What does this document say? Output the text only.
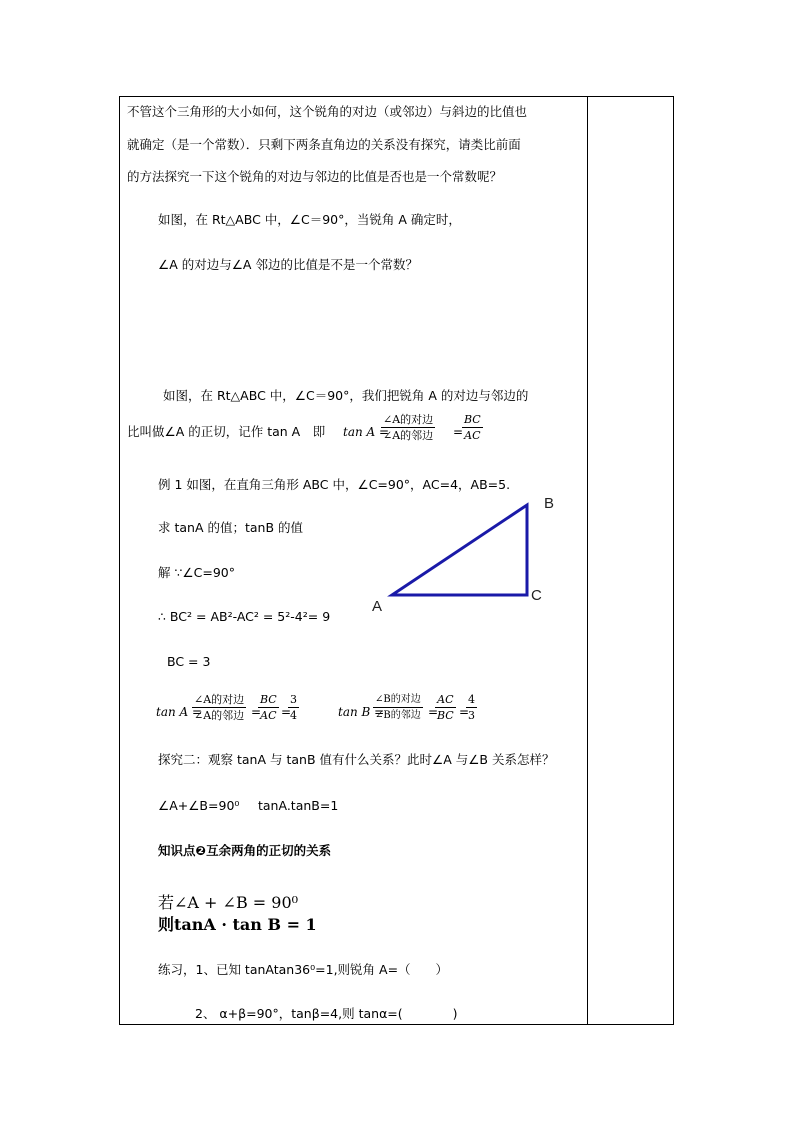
不管这个三角形的大小如何，这个锐角的对边（或邻边）与斜边的比值也
就确定（是一个常数）．只剩下两条直角边的关系没有探究，请类比前面
的方法探究一下这个锐角的对边与邻边的比值是否也是一个常数呢？
如图，在 Rt△ABC 中，∠C＝90°，当锐角 A 确定时，
∠A 的对边与∠A 邻边的比值是不是一个常数？
如图，在 Rt△ABC 中，∠C＝90°，我们把锐角 A 的对边与邻边的
比叫做∠A 的正切，记作 tan A　即 tan A =
∠A的对边
∠A的邻边 =
$\frac{BC}{AC}$
例 1 如图，在直角三角形 ABC 中，∠C=90°，AC=4，AB=5.
求 tanA 的值；tanB 的值
解 ∵∠C=90°
∴ BC² = AB²-AC² = 5²-4²= 9
BC = 3
A
B
C
tan A =
∠A的对边
∠A的邻边 =
$\frac{BC}{AC}$ =
$\frac{3}{4}$	tan B =
∠B的对边
∠B的邻边 =
$\frac{AC}{BC}$ =
$\frac{4}{3}$
探究二：观察 tanA 与 tanB 值有什么关系？此时∠A 与∠B 关系怎样？
∠A+∠B=90⁰ tanA.tanB=1
知识点❷互余两角的正切的关系
若∠A + ∠B = 90⁰
则tanA · tan B = 1
练习，1、已知 tanAtan36⁰=1,则锐角 A=（　　）
2、 α+β=90°，tanβ=4,则 tanα=(　　　　)
